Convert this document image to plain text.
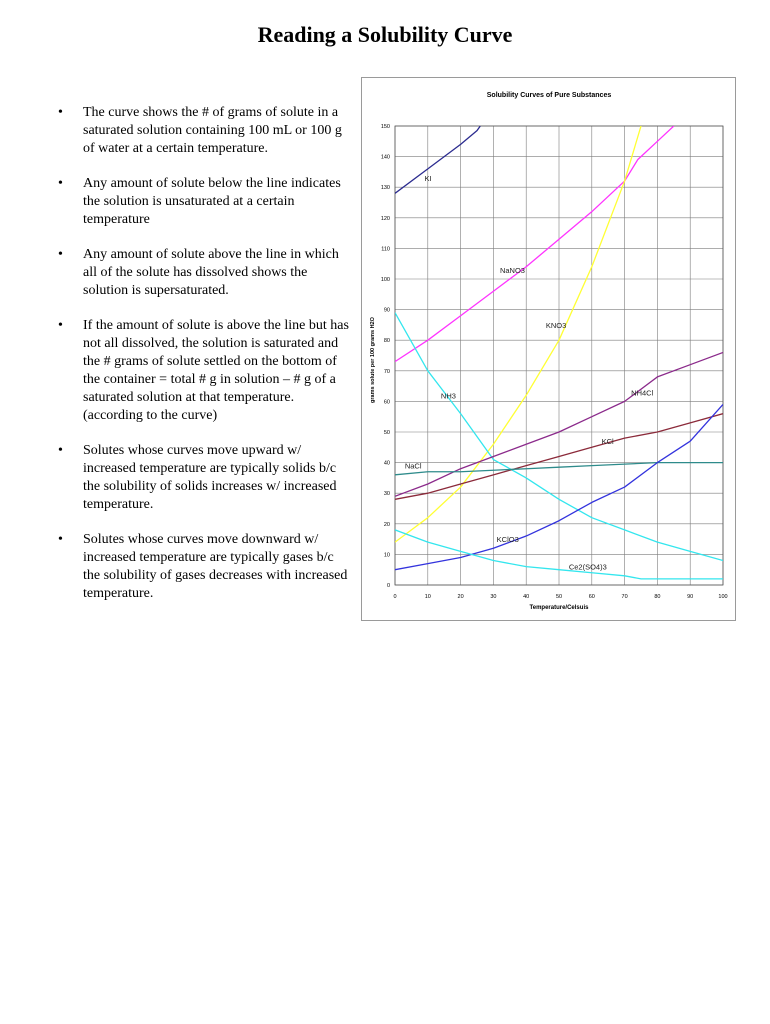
Reading a Solubility Curve
• The curve shows the # of grams of solute in a saturated solution containing 100 mL or 100 g of water at a certain temperature.
• Any amount of solute below the line indicates the solution is unsaturated at a certain temperature
• Any amount of solute above the line in which all of the solute has dissolved shows the solution is supersaturated.
• If the amount of solute is above the line but has not all dissolved, the solution is saturated and the # grams of solute settled on the bottom of the container = total # g in solution – # g of a saturated solution at that temperature. (according to the curve)
• Solutes whose curves move upward w/ increased temperature are typically solids b/c the solubility of solids increases w/ increased temperature.
• Solutes whose curves move downward w/ increased temperature are typically gases b/c the solubility of gases decreases with increased temperature.
Solubility Curves of Pure Substances
Temperature/Celsuis
grams solute per 100 grams H2O
0
10
20
30
40
50
60
70
80
90
100
110
120
130
140
150
0	10	20	30	40	50	60	70	80	90	100
KI
NaNO3
KNO3
NH3	NH4Cl
KCl
NaCl
KClO3
Ce2(SO4)3
